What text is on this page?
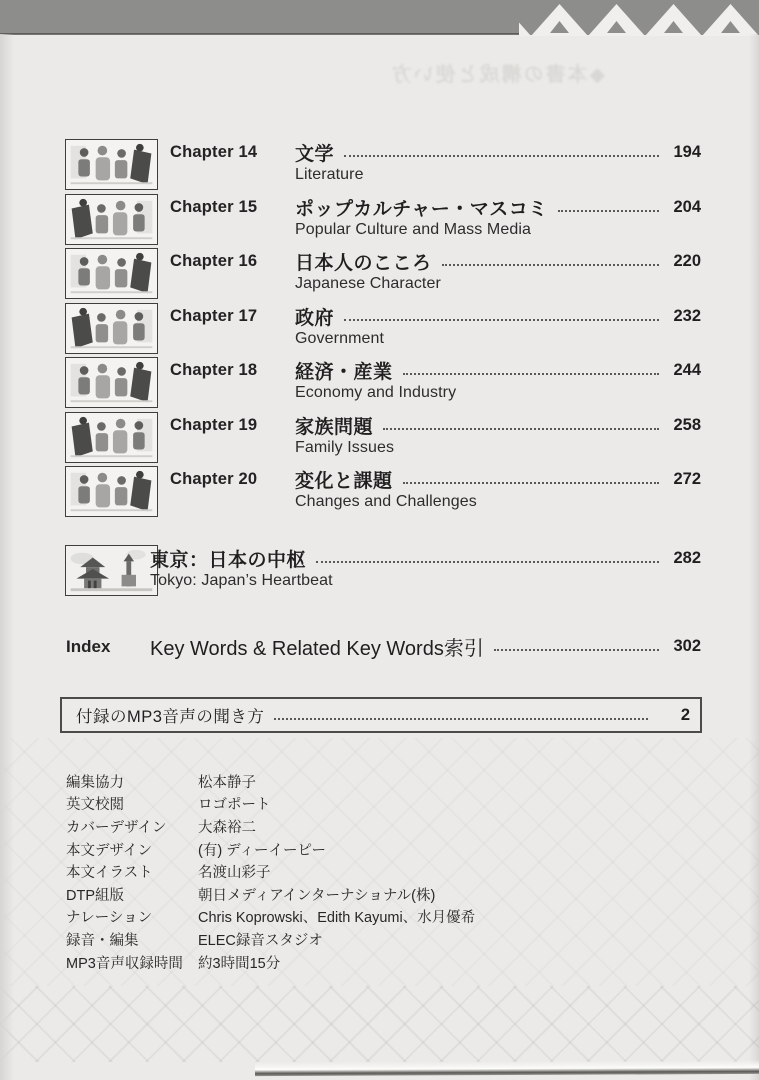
◆本書の構成と使い方
Chapter 14 文学	194
Literature
Chapter 15 ポップカルチャー・マスコミ	204
Popular Culture and Mass Media
Chapter 16 日本人のこころ	220
Japanese Character
Chapter 17 政府	232
Government
Chapter 18 経済・産業	244
Economy and Industry
Chapter 19 家族問題	258
Family Issues
Chapter 20 変化と課題	272
Changes and Challenges
東京：日本の中枢	282
Tokyo: Japan’s Heartbeat
Index Key Words & Related Key Words索引	302
付録のMP3音声の聞き方	2
編集協力	松本静子
英文校閲	ロゴポート
カバーデザイン	大森裕二
本文デザイン	(有) ディーイーピー
本文イラスト	名渡山彩子
DTP組版	朝日メディアインターナショナル(株)
ナレーション	Chris Koprowski、Edith Kayumi、水月優希
録音・編集	ELEC録音スタジオ
MP3音声収録時間	約3時間15分
